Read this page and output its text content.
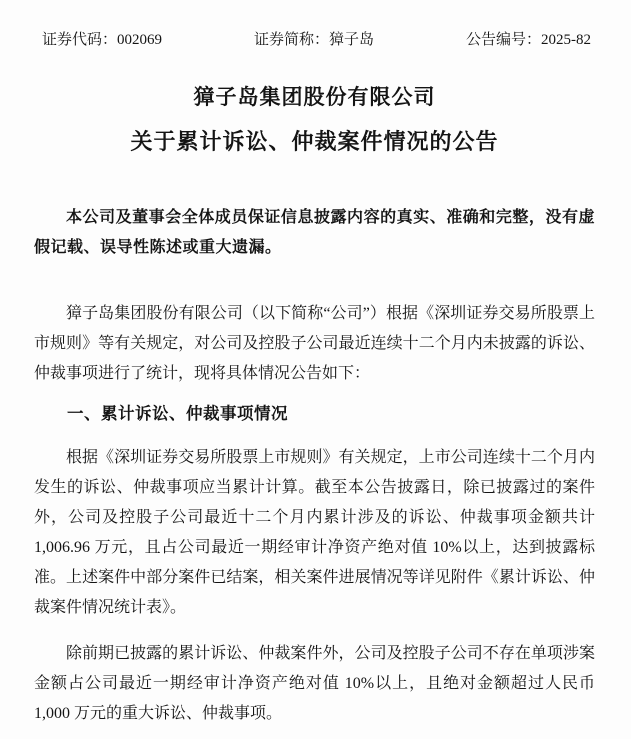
证券代码：002069	证券简称：獐子岛	公告编号：2025-82
獐子岛集团股份有限公司
关于累计诉讼、仲裁案件情况的公告

本公司及董事会全体成员保证信息披露内容的真实、准确和完整，没有虚假记载、误导性陈述或重大遗漏。

獐子岛集团股份有限公司（以下简称“公司”）根据《深圳证券交易所股票上市规则》等有关规定，对公司及控股子公司最近连续十二个月内未披露的诉讼、仲裁事项进行了统计，现将具体情况公告如下：

一、累计诉讼、仲裁事项情况

根据《深圳证券交易所股票上市规则》有关规定，上市公司连续十二个月内发生的诉讼、仲裁事项应当累计计算。截至本公告披露日，除已披露过的案件外，公司及控股子公司最近十二个月内累计涉及的诉讼、仲裁事项金额共计 1,006.96 万元，且占公司最近一期经审计净资产绝对值 10%以上，达到披露标准。上述案件中部分案件已结案，相关案件进展情况等详见附件《累计诉讼、仲裁案件情况统计表》。

除前期已披露的累计诉讼、仲裁案件外，公司及控股子公司不存在单项涉案金额占公司最近一期经审计净资产绝对值 10%以上，且绝对金额超过人民币 1,000 万元的重大诉讼、仲裁事项。
